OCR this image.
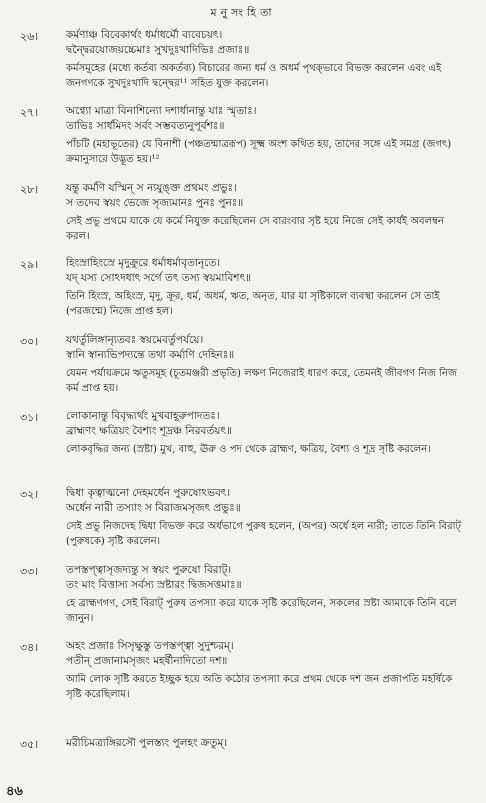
মনুসংহিতা
২৬।	কর্মণাঞ্চ বিবেকার্থং ধর্মাধর্মৌ ব্যবেচয়ৎ।
দ্বন্দ্বৈরযোজয়চ্চেমাঃ সুখদুঃখাদিভিঃ প্রজাঃ॥
কর্মসমূহের (মধ্যে কর্তব্য অকর্তব্য) বিচারের জন্য ধর্ম ও অধর্ম পৃথক্ভাবে বিভক্ত করলেন এবং এই জনগণকে সুখদুঃখাদি দ্বন্দ্বের¹¹ সহিত যুক্ত করলেন।
২৭।	অণ্ব্যো মাত্রা বিনাশিন্যো দশার্ধানান্তু যাঃ স্মৃতাঃ।
তাভিঃ সার্ধমিদং সর্বং সম্ভবত্যনুপূর্বশঃ॥
পাঁচটি (মহাভূতের) যে বিনাশী (পঞ্চতন্মাত্ররূপ) সূক্ষ্ম অংশ কথিত হয়, তাদের সঙ্গে এই সমগ্র (জগৎ) ক্রমানুসারে উদ্ভূত হয়।¹²
২৮।	যন্তু কর্মণি যস্মিন্ স ন্যযুঙ্ক্ত প্রথমং প্রভুঃ।
স তদেব স্বয়ং ভেজে সৃজ্যমানঃ পুনঃ পুনঃ॥
সেই প্রভু প্রথমে যাকে যে কর্মে নিযুক্ত করেছিলেন সে বারংবার সৃষ্ট হয়ে নিজে সেই কার্যই অবলম্বন করল।
২৯।	হিংস্রাহিংস্রে মৃদুক্রুরে ধর্মাধর্মাবৃতানৃতে।
যদ্ যস্য সোঽদধাৎ সর্গে তৎ তস্য স্বয়মাবিশৎ॥
তিনি হিংস্র, অহিংস্র, মৃদু, ক্রূর, ধর্ম, অধর্ম, ঋত, অনৃত, যার যা সৃষ্টিকালে ব্যবস্থা করলেন সে তাই (পরজন্মে) নিজে প্রাপ্ত হল।
৩০।	যথর্তুলিঙ্গান্যৃতবঃ স্বয়মেবর্তুপর্যয়ে।
স্বানি স্বান্যভিপদ্যন্তে তথা কর্মাণি দেহিনঃ॥
যেমন পর্যায়ক্রমে ঋতুসমূহ (চূতমঞ্জরী প্রভৃতি) লক্ষণ নিজেরাই ধারণ করে, তেমনই জীবগণ নিজ নিজ কর্ম প্রাপ্ত হয়।
৩১।	লোকানান্তু বিবৃদ্ধ্যর্থং মুখবাহূরুপাদতঃ।
ব্রাহ্মণং ক্ষত্রিয়ং বৈশ্যং শূদ্রঞ্চ নিরবর্তয়ৎ॥
লোকবৃদ্ধির জন্য (স্রষ্টা) মুখ, বাহু, ঊরু ও পদ থেকে ব্রাহ্মণ, ক্ষত্রিয়, বৈশ্য ও শূদ্র সৃষ্টি করলেন।
৩২।	দ্বিধা কৃত্বাত্মনো দেহমর্ধেন পুরুষোঽভবৎ।
অর্ধেন নারী তস্যাং স বিরাজমসৃজৎ প্রভুঃ॥
সেই প্রভু নিজদেহ দ্বিধা বিভক্ত করে অর্ধভাগে পুরুষ হলেন, (অপর) অর্ধে হল নারী; তাতে তিনি বিরাট্ (পুরুষকে) সৃষ্টি করলেন।
৩৩।	তপস্তপ্ত্বাসৃজদ্যন্তু স স্বয়ং পুরুষো বিরাট্।
তং মাং বিত্তাস্য সর্বস্য স্রষ্টারং দ্বিজসত্তমাঃ॥
হে ব্রাহ্মণগণ, সেই বিরাট্ পুরুষ তপস্যা করে যাকে সৃষ্টি করেছিলেন, সকলের স্রষ্টা আমাকে তিনি বলে জানুন।
৩৪।	অহং প্রজাঃ সিসৃক্ষুস্তু তপস্তপ্ত্বা সুদুশ্চরম্।
পতীন্ প্রজানামসৃজং মহর্ষীনাদিতো দশ॥
আমি লোক সৃষ্টি করতে ইচ্ছুক হয়ে অতি কঠোর তপস্যা করে প্রথম থেকে দশ জন প্রজাপতি মহর্ষিকে সৃষ্টি করেছিলাম।
৩৫।	মরীচিমত্র্যঙ্গিরসৌ পুলস্ত্যং পুলহং ক্রতুম্।
৪৬
